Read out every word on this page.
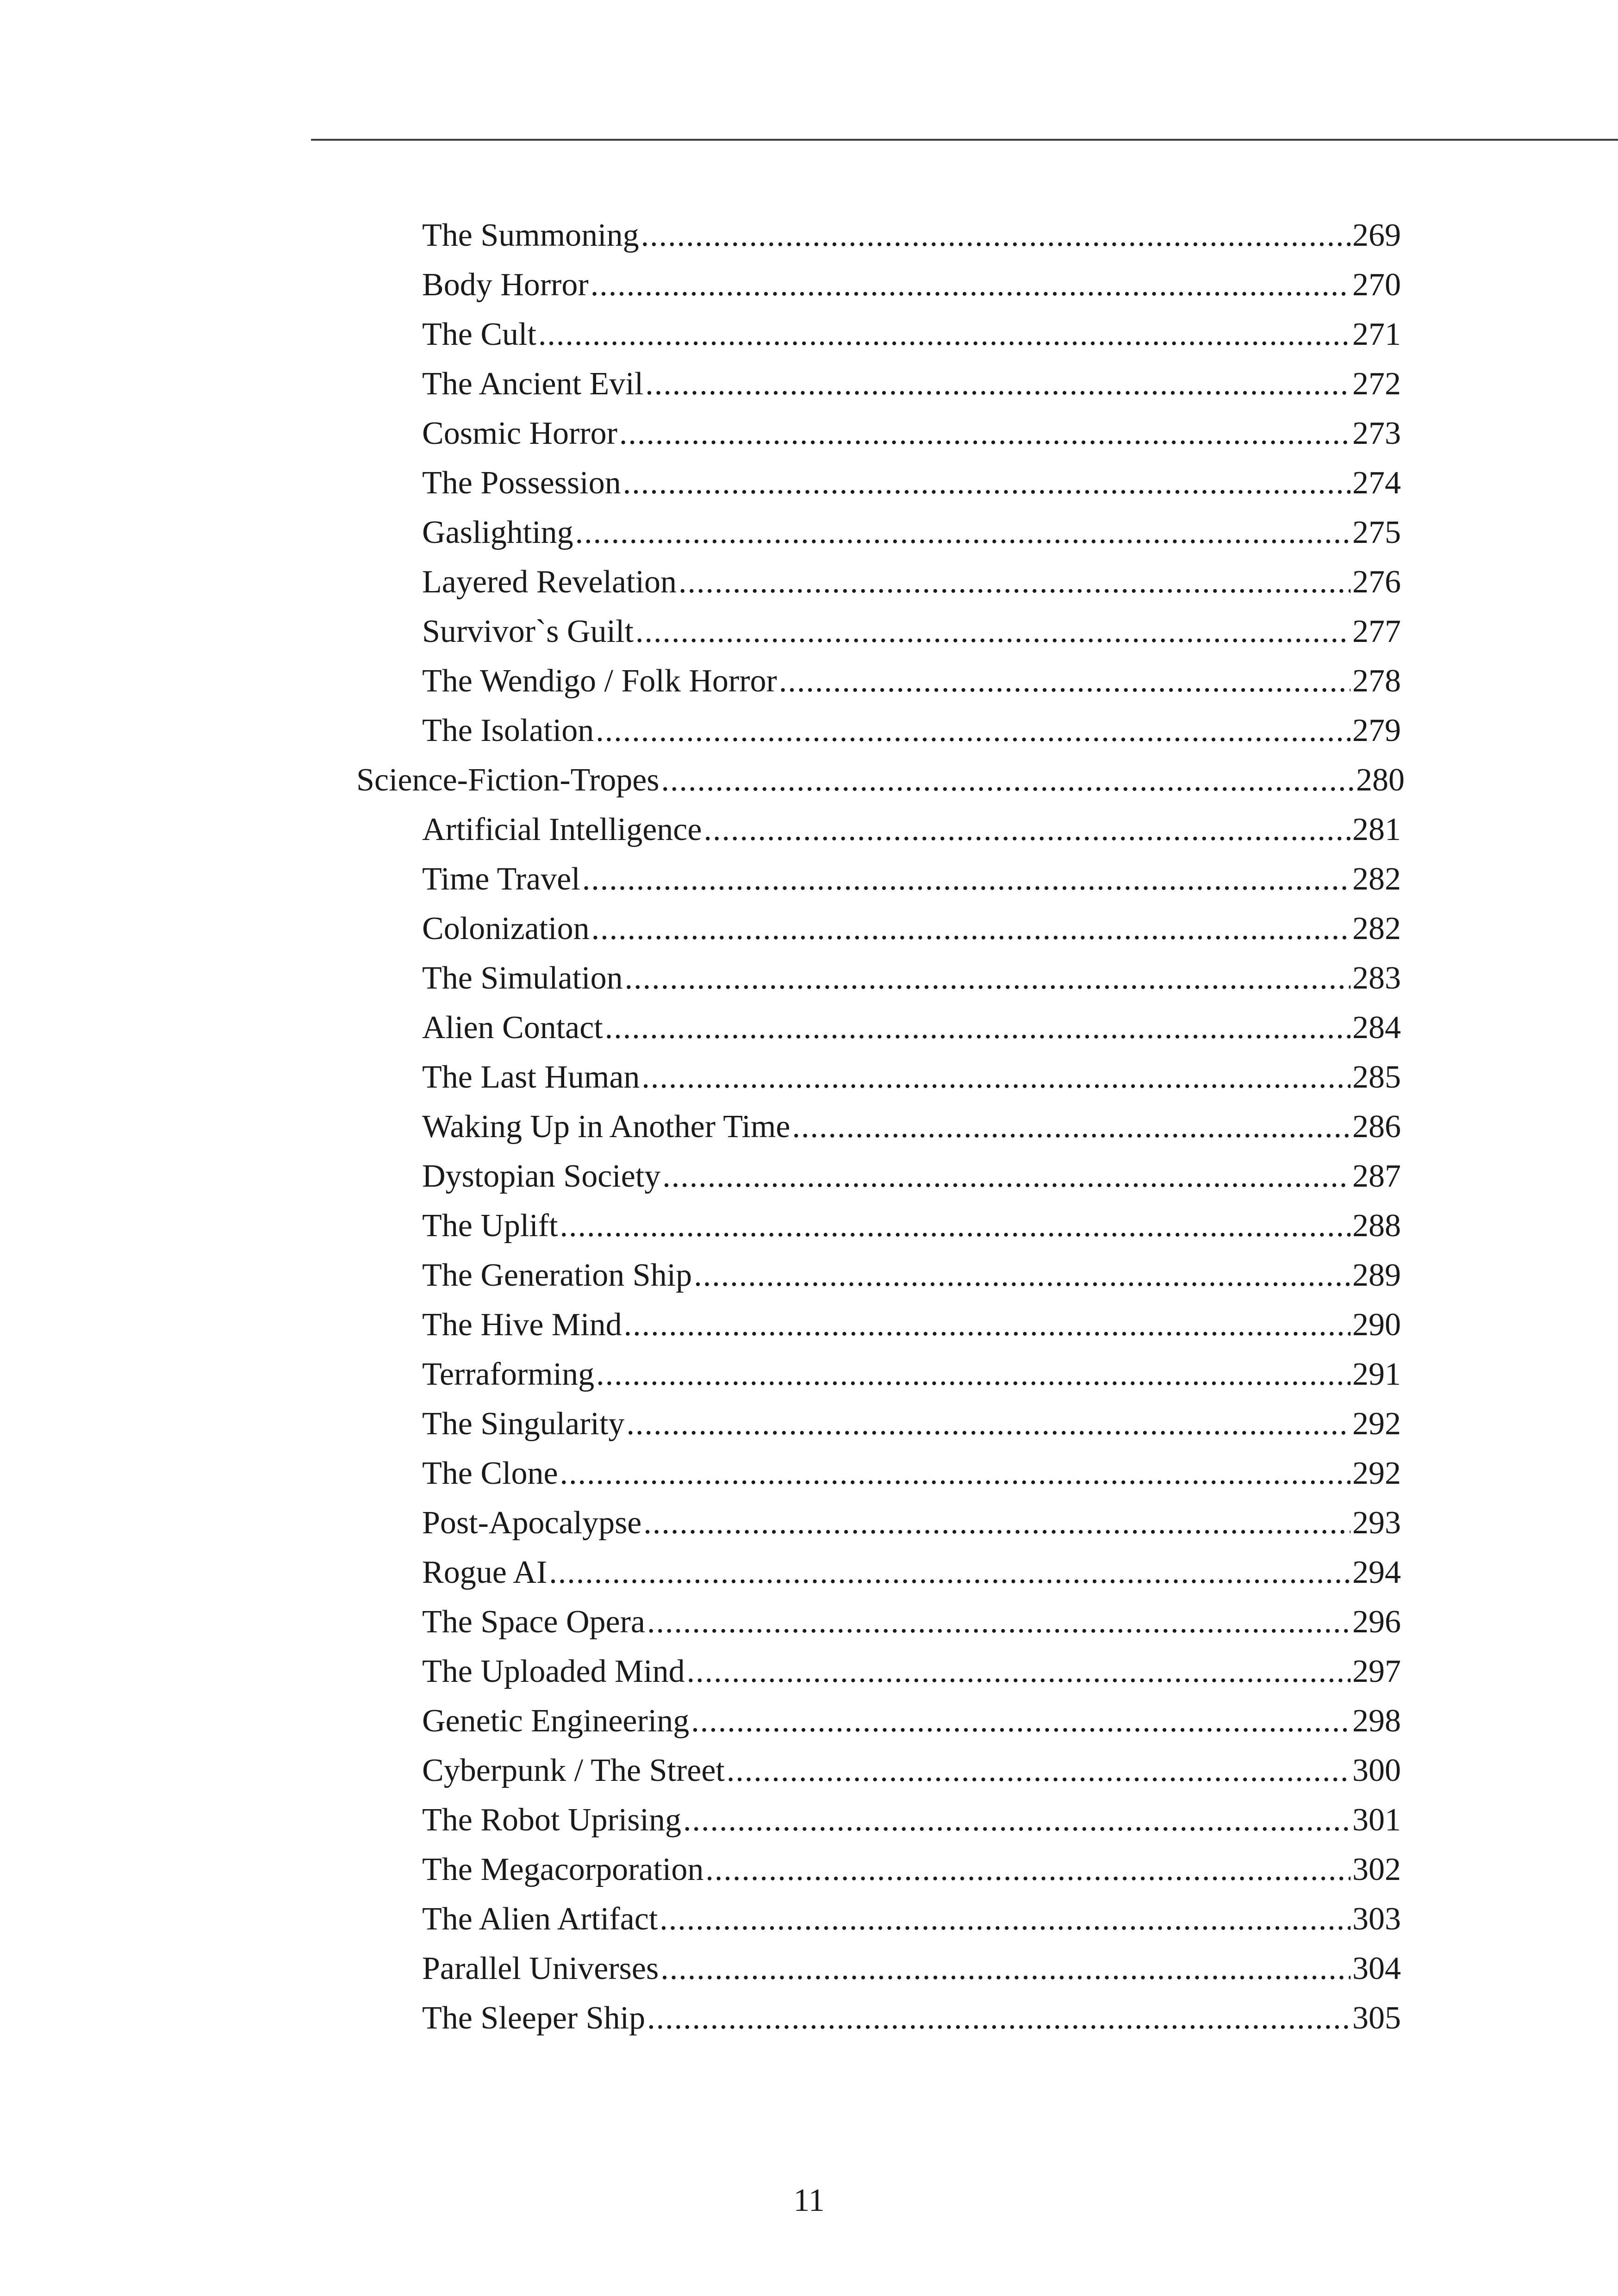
The Summoning .....	269
Body Horror .....	270
The Cult .....	271
The Ancient Evil .....	272
Cosmic Horror .....	273
The Possession .....	274
Gaslighting .....	275
Layered Revelation .....	276
Survivor`s Guilt .....	277
The Wendigo / Folk Horror .....	278
The Isolation .....	279
Science-Fiction-Tropes .....	280
Artificial Intelligence .....	281
Time Travel .....	282
Colonization .....	282
The Simulation .....	283
Alien Contact .....	284
The Last Human .....	285
Waking Up in Another Time .....	286
Dystopian Society .....	287
The Uplift .....	288
The Generation Ship .....	289
The Hive Mind .....	290
Terraforming .....	291
The Singularity .....	292
The Clone .....	292
Post-Apocalypse .....	293
Rogue AI .....	294
The Space Opera .....	296
The Uploaded Mind .....	297
Genetic Engineering .....	298
Cyberpunk / The Street .....	300
The Robot Uprising .....	301
The Megacorporation .....	302
The Alien Artifact .....	303
Parallel Universes .....	304
The Sleeper Ship .....	305
11
